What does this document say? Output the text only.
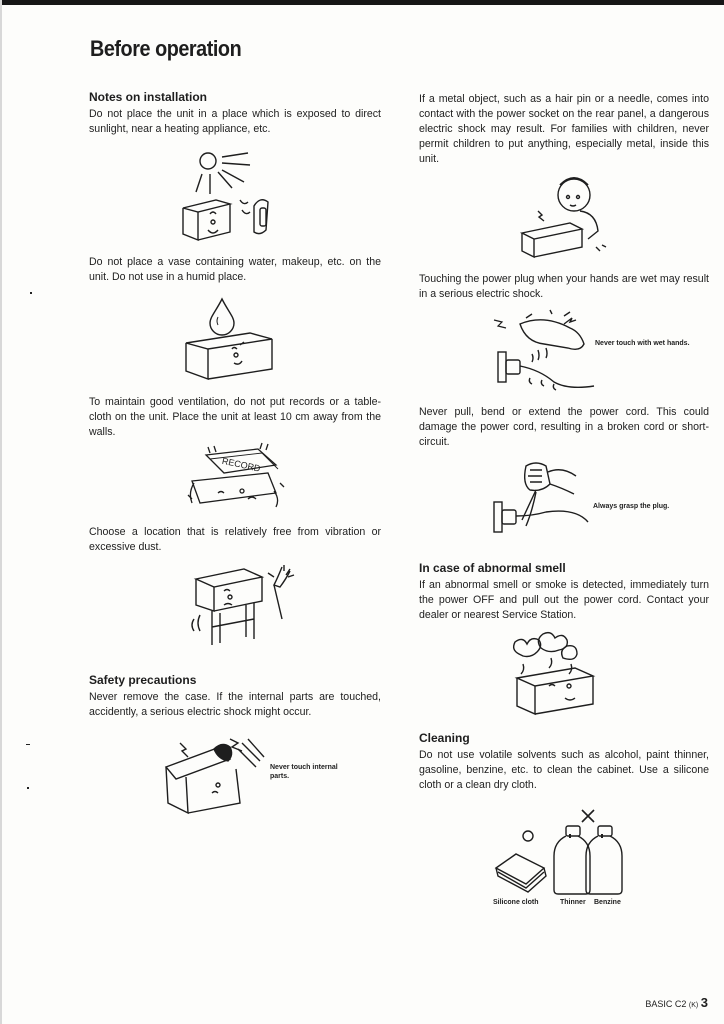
Before operation
Notes on installation

Do not place the unit in a place which is exposed to direct sunlight, near a heating appliance, etc.

Do not place a vase containing water, makeup, etc. on the unit. Do not use in a humid place.

To maintain good ventilation, do not put records or a table-cloth on the unit. Place the unit at least 10 cm away from the walls.

RECORD

Choose a location that is relatively free from vibration or excessive dust.

Safety precautions

Never remove the case. If the internal parts are touched, accidently, a serious electric shock might occur.

Never touch internal parts.

If a metal object, such as a hair pin or a needle, comes into contact with the power socket on the rear panel, a dangerous electric shock may result. For families with children, never permit children to put anything, especially metal, inside this unit.

Touching the power plug when your hands are wet may result in a serious electric shock.

Never touch with wet hands.

Never pull, bend or extend the power cord. This could damage the power cord, resulting in a broken cord or short-circuit.

Always grasp the plug.
In case of abnormal smell

If an abnormal smell or smoke is detected, immediately turn the power OFF and pull out the power cord. Contact your dealer or nearest Service Station.

Cleaning

Do not use volatile solvents such as alcohol, paint thinner, gasoline, benzine, etc. to clean the cabinet. Use a silicone cloth or a clean dry cloth.

Silicone cloth	Thinner Benzine
BASIC C2 (K) 3
